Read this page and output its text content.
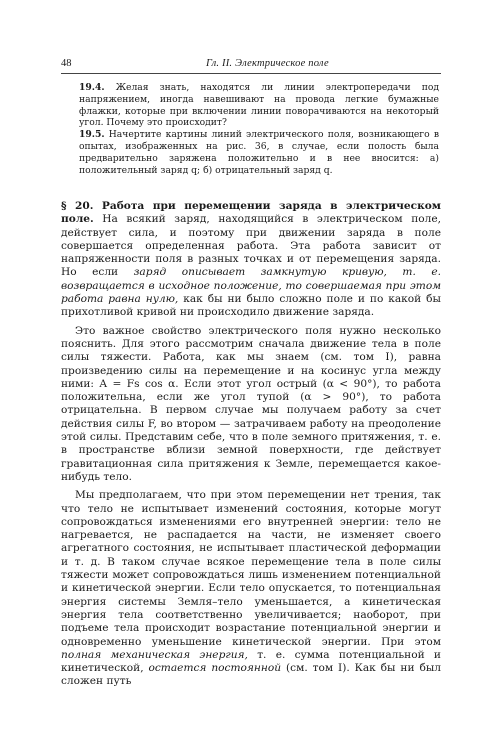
48	Гл. II. Электрическое поле

19.4. Желая знать, находятся ли линии электропередачи под напряжением, иногда навешивают на провода легкие бумажные флажки, которые при включении линии поворачиваются на некоторый угол. Почему это происходит?

19.5. Начертите картины линий электрического поля, возникающего в опытах, изображенных на рис. 36, в случае, если полость была предварительно заряжена положительно и в нее вносится: а) положительный заряд q; б) отрицательный заряд q.

§ 20. Работа при перемещении заряда в электрическом поле. На всякий заряд, находящийся в электрическом поле, действует сила, и поэтому при движении заряда в поле совершается определенная работа. Эта работа зависит от напряженности поля в разных точках и от перемещения заряда. Но если заряд описывает замкнутую кривую, т. е. возвращается в исходное положение, то совершаемая при этом работа равна нулю, как бы ни было сложно поле и по какой бы прихотливой кривой ни происходило движение заряда.

Это важное свойство электрического поля нужно несколько пояснить. Для этого рассмотрим сначала движение тела в поле силы тяжести. Работа, как мы знаем (см. том I), равна произведению силы на перемещение и на косинус угла между ними: A = Fs cos α. Если этот угол острый (α < 90°), то работа положительна, если же угол тупой (α > 90°), то работа отрицательна. В первом случае мы получаем работу за счет действия силы F, во втором — затрачиваем работу на преодоление этой силы. Представим себе, что в поле земного притяжения, т. е. в пространстве вблизи земной поверхности, где действует гравитационная сила притяжения к Земле, перемещается какое-нибудь тело.

Мы предполагаем, что при этом перемещении нет трения, так что тело не испытывает изменений состояния, которые могут сопровождаться изменениями его внутренней энергии: тело не нагревается, не распадается на части, не изменяет своего агрегатного состояния, не испытывает пластической деформации и т. д. В таком случае всякое перемещение тела в поле силы тяжести может сопровождаться лишь изменением потенциальной и кинетической энергии. Если тело опускается, то потенциальная энергия системы Земля–тело уменьшается, а кинетическая энергия тела соответственно увеличивается; наоборот, при подъеме тела происходит возрастание потенциальной энергии и одновременно уменьшение кинетической энергии. При этом полная механическая энергия, т. е. сумма потенциальной и кинетической, остается постоянной (см. том I). Как бы ни был сложен путь
